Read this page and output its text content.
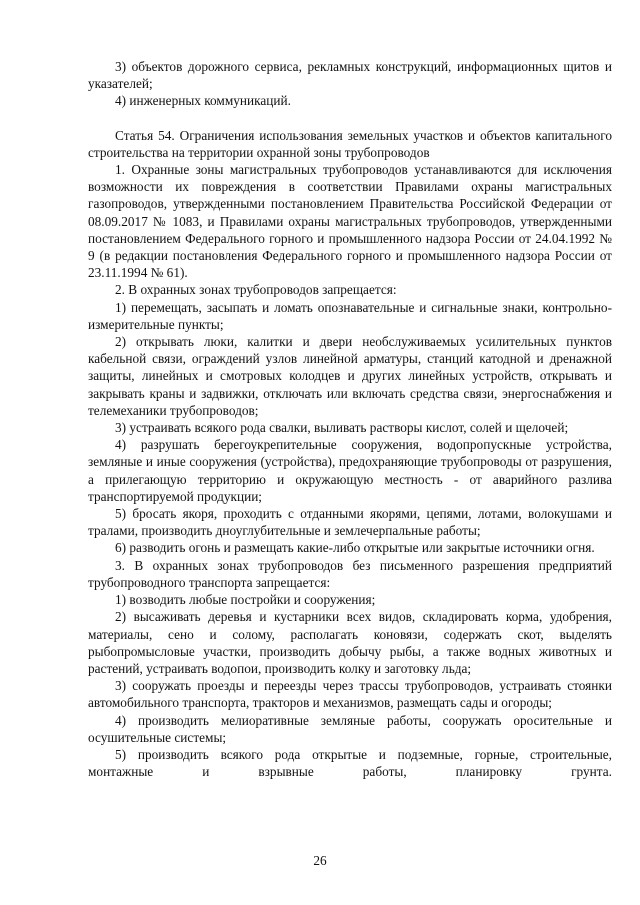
3) объектов дорожного сервиса, рекламных конструкций, информационных щитов и указателей;

4) инженерных коммуникаций.

Статья 54. Ограничения использования земельных участков и объектов капитального строительства на территории охранной зоны трубопроводов

1. Охранные зоны магистральных трубопроводов устанавливаются для исключения возможности их повреждения в соответствии Правилами охраны магистральных газопроводов, утвержденными постановлением Правительства Российской Федерации от 08.09.2017 № 1083, и Правилами охраны магистральных трубопроводов, утвержденными постановлением Федерального горного и промышленного надзора России от 24.04.1992 № 9 (в редакции постановления Федерального горного и промышленного надзора России от 23.11.1994 № 61).

2. В охранных зонах трубопроводов запрещается:

1) перемещать, засыпать и ломать опознавательные и сигнальные знаки, контрольно-измерительные пункты;

2) открывать люки, калитки и двери необслуживаемых усилительных пунктов кабельной связи, ограждений узлов линейной арматуры, станций катодной и дренажной защиты, линейных и смотровых колодцев и других линейных устройств, открывать и закрывать краны и задвижки, отключать или включать средства связи, энергоснабжения и телемеханики трубопроводов;

3) устраивать всякого рода свалки, выливать растворы кислот, солей и щелочей;

4) разрушать берегоукрепительные сооружения, водопропускные устройства, земляные и иные сооружения (устройства), предохраняющие трубопроводы от разрушения, а прилегающую территорию и окружающую местность - от аварийного разлива транспортируемой продукции;

5) бросать якоря, проходить с отданными якорями, цепями, лотами, волокушами и тралами, производить дноуглубительные и землечерпальные работы;

6) разводить огонь и размещать какие-либо открытые или закрытые источники огня.

3. В охранных зонах трубопроводов без письменного разрешения предприятий трубопроводного транспорта запрещается:

1) возводить любые постройки и сооружения;

2) высаживать деревья и кустарники всех видов, складировать корма, удобрения, материалы, сено и солому, располагать коновязи, содержать скот, выделять рыбопромысловые участки, производить добычу рыбы, а также водных животных и растений, устраивать водопои, производить колку и заготовку льда;

3) сооружать проезды и переезды через трассы трубопроводов, устраивать стоянки автомобильного транспорта, тракторов и механизмов, размещать сады и огороды;

4) производить мелиоративные земляные работы, сооружать оросительные и осушительные системы;

5) производить всякого рода открытые и подземные, горные, строительные, монтажные и взрывные работы, планировку грунта.

26
